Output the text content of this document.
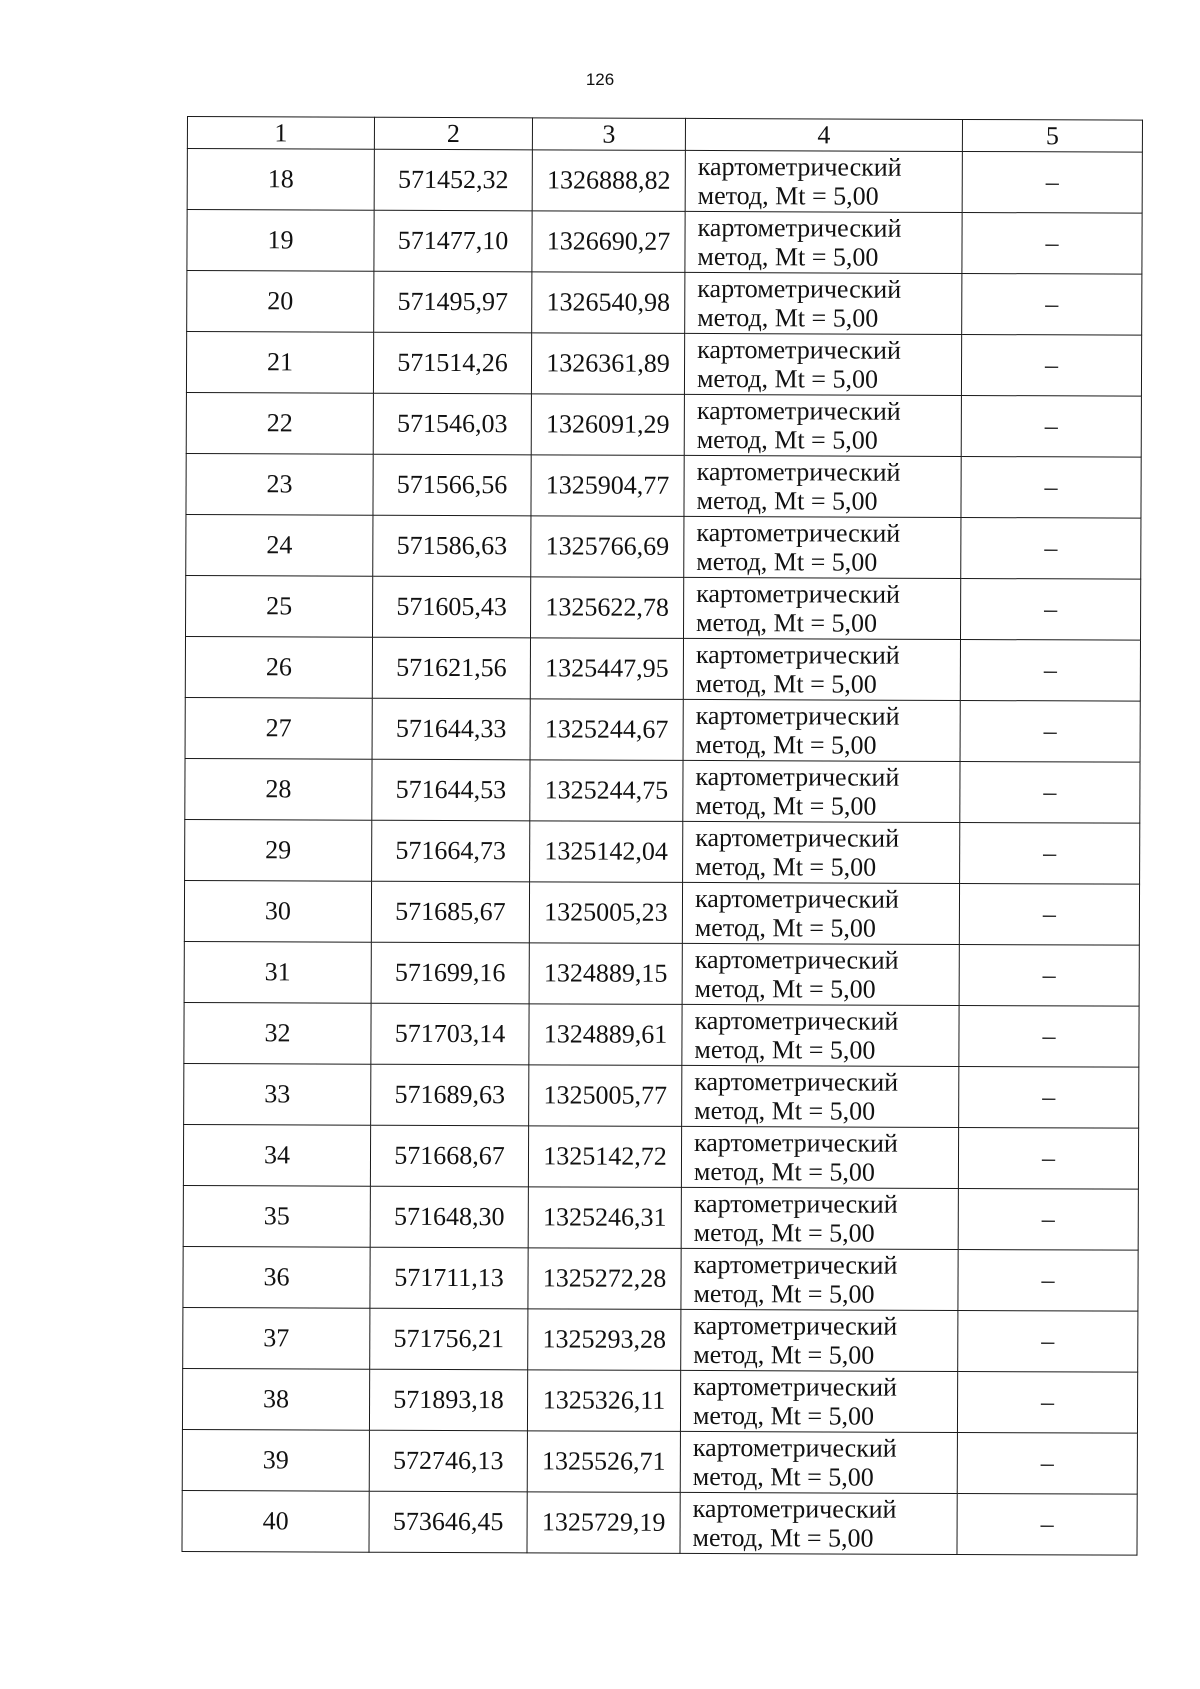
126
1	2	3	4	5
18	571452,32	1326888,82	картометрический
метод, Mt = 5,00	–
19	571477,10	1326690,27	картометрический
метод, Mt = 5,00	–
20	571495,97	1326540,98	картометрический
метод, Mt = 5,00	–
21	571514,26	1326361,89	картометрический
метод, Mt = 5,00	–
22	571546,03	1326091,29	картометрический
метод, Mt = 5,00	–
23	571566,56	1325904,77	картометрический
метод, Mt = 5,00	–
24	571586,63	1325766,69	картометрический
метод, Mt = 5,00	–
25	571605,43	1325622,78	картометрический
метод, Mt = 5,00	–
26	571621,56	1325447,95	картометрический
метод, Mt = 5,00	–
27	571644,33	1325244,67	картометрический
метод, Mt = 5,00	–
28	571644,53	1325244,75	картометрический
метод, Mt = 5,00	–
29	571664,73	1325142,04	картометрический
метод, Mt = 5,00	–
30	571685,67	1325005,23	картометрический
метод, Mt = 5,00	–
31	571699,16	1324889,15	картометрический
метод, Mt = 5,00	–
32	571703,14	1324889,61	картометрический
метод, Mt = 5,00	–
33	571689,63	1325005,77	картометрический
метод, Mt = 5,00	–
34	571668,67	1325142,72	картометрический
метод, Mt = 5,00	–
35	571648,30	1325246,31	картометрический
метод, Mt = 5,00	–
36	571711,13	1325272,28	картометрический
метод, Mt = 5,00	–
37	571756,21	1325293,28	картометрический
метод, Mt = 5,00	–
38	571893,18	1325326,11	картометрический
метод, Mt = 5,00	–
39	572746,13	1325526,71	картометрический
метод, Mt = 5,00	–
40	573646,45	1325729,19	картометрический
метод, Mt = 5,00	–
